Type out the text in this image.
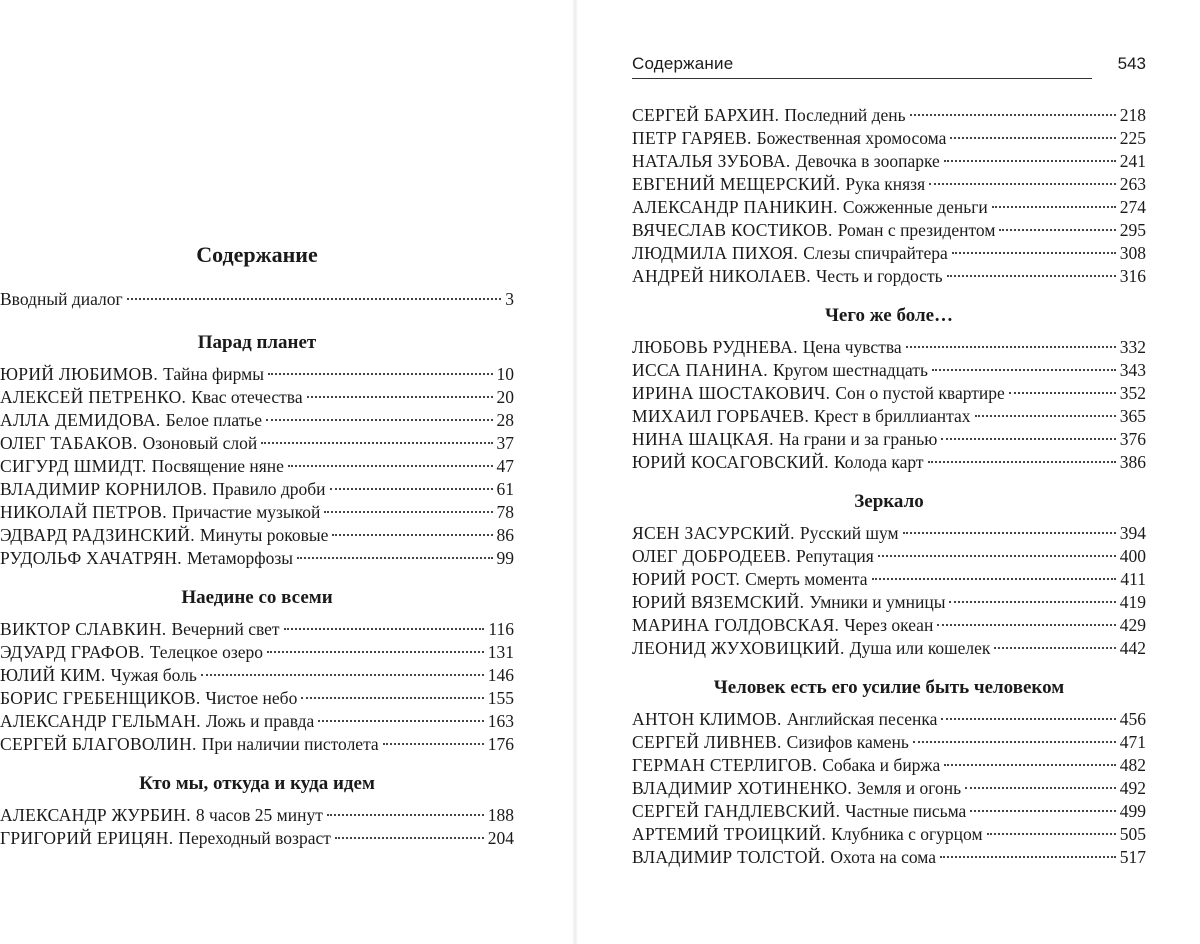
Содержание	543
Содержание
Вводный диалог	3
Парад планет
ЮРИЙ ЛЮБИМОВ. Тайна фирмы	10
АЛЕКСЕЙ ПЕТРЕНКО. Квас отечества	20
АЛЛА ДЕМИДОВА. Белое платье	28
ОЛЕГ ТАБАКОВ. Озоновый слой	37
СИГУРД ШМИДТ. Посвящение няне	47
ВЛАДИМИР КОРНИЛОВ. Правило дроби	61
НИКОЛАЙ ПЕТРОВ. Причастие музыкой	78
ЭДВАРД РАДЗИНСКИЙ. Минуты роковые	86
РУДОЛЬФ ХАЧАТРЯН. Метаморфозы	99
Наедине со всеми
ВИКТОР СЛАВКИН. Вечерний свет	116
ЭДУАРД ГРАФОВ. Телецкое озеро	131
ЮЛИЙ КИМ. Чужая боль	146
БОРИС ГРЕБЕНЩИКОВ. Чистое небо	155
АЛЕКСАНДР ГЕЛЬМАН. Ложь и правда	163
СЕРГЕЙ БЛАГОВОЛИН. При наличии пистолета	176
Кто мы, откуда и куда идем
АЛЕКСАНДР ЖУРБИН. 8 часов 25 минут	188
ГРИГОРИЙ ЕРИЦЯН. Переходный возраст	204
СЕРГЕЙ БАРХИН. Последний день	218
ПЕТР ГАРЯЕВ. Божественная хромосома	225
НАТАЛЬЯ ЗУБОВА. Девочка в зоопарке	241
ЕВГЕНИЙ МЕЩЕРСКИЙ. Рука князя	263
АЛЕКСАНДР ПАНИКИН. Сожженные деньги	274
ВЯЧЕСЛАВ КОСТИКОВ. Роман с президентом	295
ЛЮДМИЛА ПИХОЯ. Слезы спичрайтера	308
АНДРЕЙ НИКОЛАЕВ. Честь и гордость	316
Чего же боле…
ЛЮБОВЬ РУДНЕВА. Цена чувства	332
ИССА ПАНИНА. Кругом шестнадцать	343
ИРИНА ШОСТАКОВИЧ. Сон о пустой квартире	352
МИХАИЛ ГОРБАЧЕВ. Крест в бриллиантах	365
НИНА ШАЦКАЯ. На грани и за гранью	376
ЮРИЙ КОСАГОВСКИЙ. Колода карт	386
Зеркало
ЯСЕН ЗАСУРСКИЙ. Русский шум	394
ОЛЕГ ДОБРОДЕЕВ. Репутация	400
ЮРИЙ РОСТ. Смерть момента	411
ЮРИЙ ВЯЗЕМСКИЙ. Умники и умницы	419
МАРИНА ГОЛДОВСКАЯ. Через океан	429
ЛЕОНИД ЖУХОВИЦКИЙ. Душа или кошелек	442
Человек есть его усилие быть человеком
АНТОН КЛИМОВ. Английская песенка	456
СЕРГЕЙ ЛИВНЕВ. Сизифов камень	471
ГЕРМАН СТЕРЛИГОВ. Собака и биржа	482
ВЛАДИМИР ХОТИНЕНКО. Земля и огонь	492
СЕРГЕЙ ГАНДЛЕВСКИЙ. Частные письма	499
АРТЕМИЙ ТРОИЦКИЙ. Клубника с огурцом	505
ВЛАДИМИР ТОЛСТОЙ. Охота на сома	517
